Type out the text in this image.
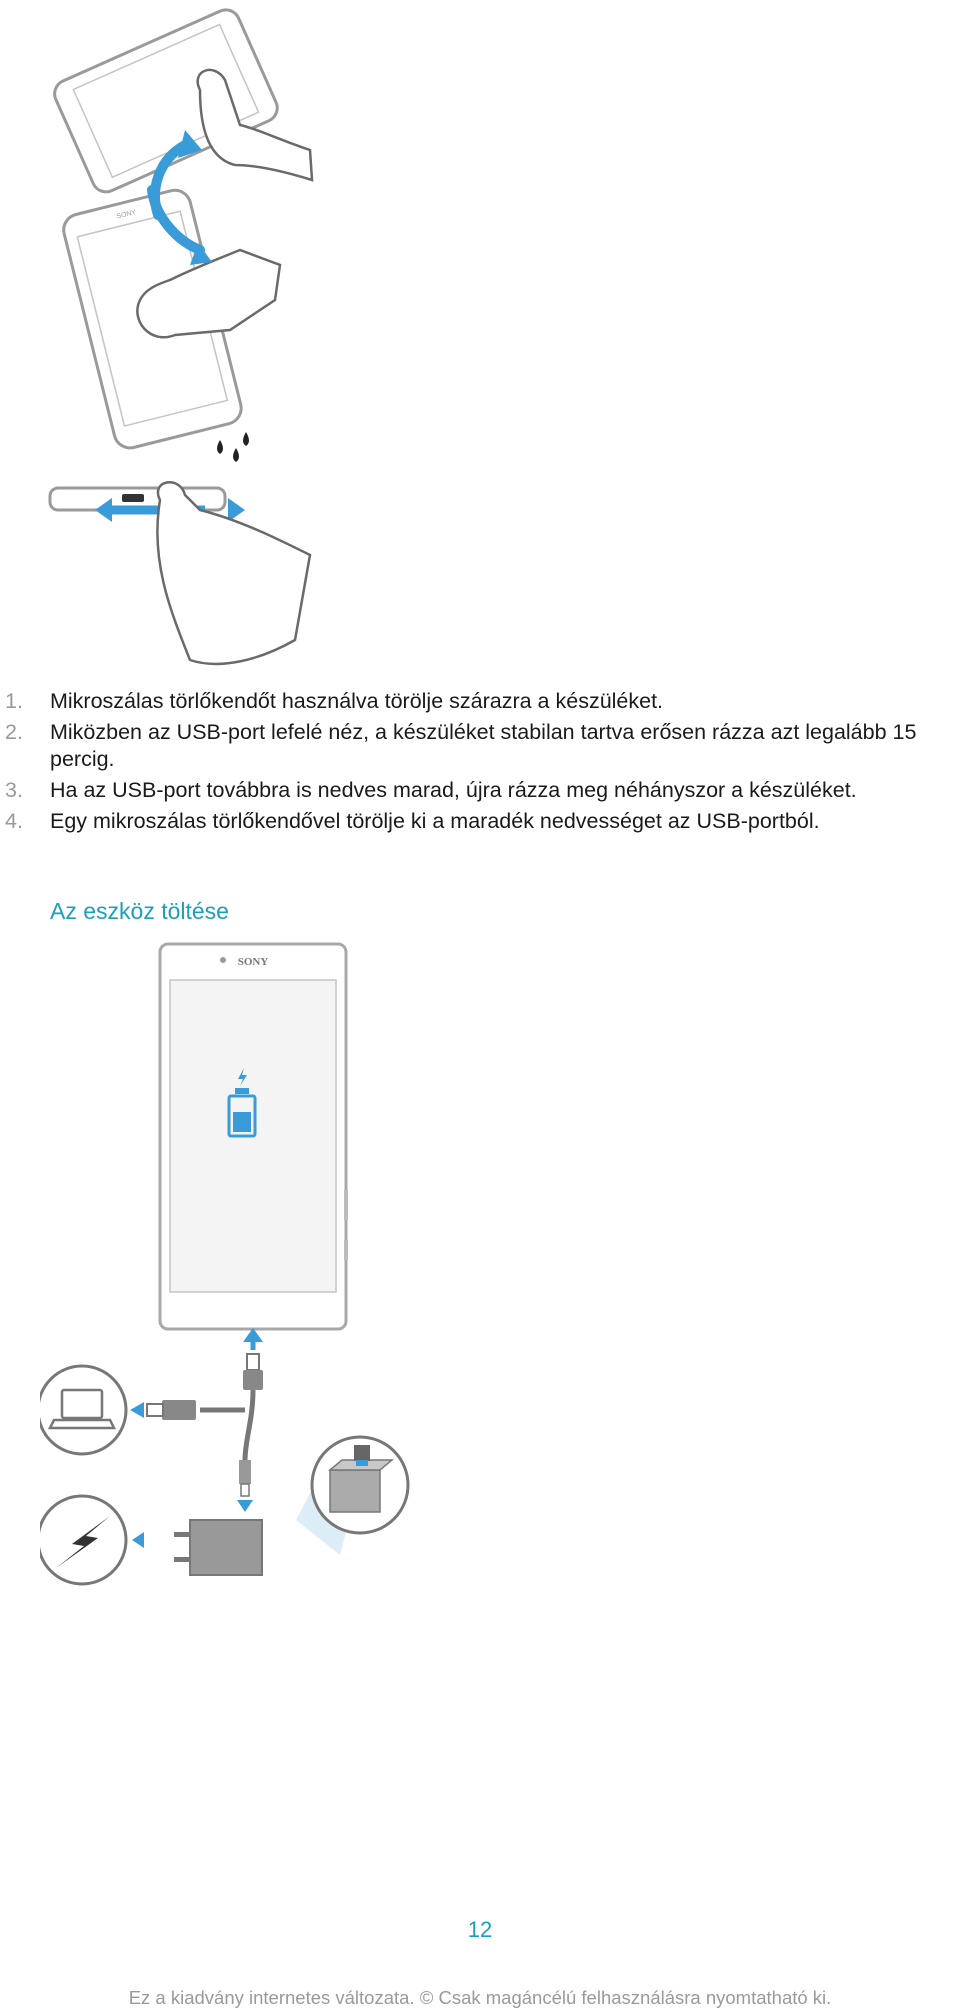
SONY
1. Mikroszálas törlőkendőt használva törölje szárazra a készüléket.
2. Miközben az USB-port lefelé néz, a készüléket stabilan tartva erősen rázza azt legalább 15 percig.
3. Ha az USB-port továbbra is nedves marad, újra rázza meg néhányszor a készüléket.
4. Egy mikroszálas törlőkendővel törölje ki a maradék nedvességet az USB-portból.
Az eszköz töltése
SONY
12
Ez a kiadvány internetes változata. © Csak magáncélú felhasználásra nyomtatható ki.
